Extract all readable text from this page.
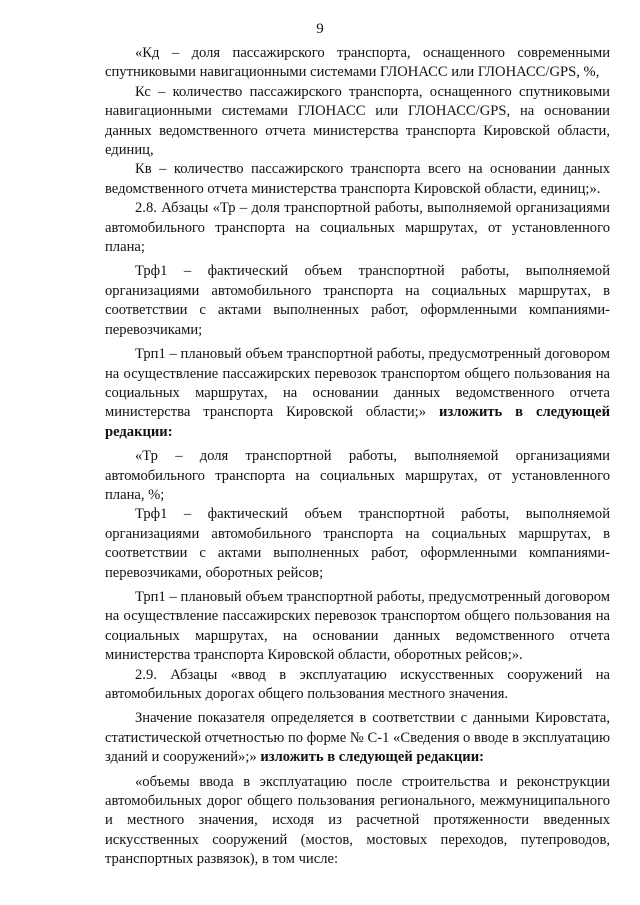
9

«Кд – доля пассажирского транспорта, оснащенного современными спутниковыми навигационными системами ГЛОНАСС или ГЛОНАСС/GPS, %,

Кс – количество пассажирского транспорта, оснащенного спутниковыми навигационными системами ГЛОНАСС или ГЛОНАСС/GPS, на основании данных ведомственного отчета министерства транспорта Кировской области, единиц,

Кв – количество пассажирского транспорта всего на основании данных ведомственного отчета министерства транспорта Кировской области, единиц;».

2.8. Абзацы «Тр – доля транспортной работы, выполняемой организациями автомобильного транспорта на социальных маршрутах, от установленного плана;

Трф1 – фактический объем транспортной работы, выполняемой организациями автомобильного транспорта на социальных маршрутах, в соответствии с актами выполненных работ, оформленными компаниями-перевозчиками;

Трп1 – плановый объем транспортной работы, предусмотренный договором на осуществление пассажирских перевозок транспортом общего пользования на социальных маршрутах, на основании данных ведомственного отчета министерства транспорта Кировской области;» изложить в следующей редакции:

«Тр – доля транспортной работы, выполняемой организациями автомобильного транспорта на социальных маршрутах, от установленного плана, %;

Трф1 – фактический объем транспортной работы, выполняемой организациями автомобильного транспорта на социальных маршрутах, в соответствии с актами выполненных работ, оформленными компаниями-перевозчиками, оборотных рейсов;

Трп1 – плановый объем транспортной работы, предусмотренный договором на осуществление пассажирских перевозок транспортом общего пользования на социальных маршрутах, на основании данных ведомственного отчета министерства транспорта Кировской области, оборотных рейсов;».

2.9. Абзацы «ввод в эксплуатацию искусственных сооружений на автомобильных дорогах общего пользования местного значения.

Значение показателя определяется в соответствии с данными Кировстата, статистической отчетностью по форме № С-1 «Сведения о вводе в эксплуатацию зданий и сооружений»;» изложить в следующей редакции:

«объемы ввода в эксплуатацию после строительства и реконструкции автомобильных дорог общего пользования регионального, межмуниципального и местного значения, исходя из расчетной протяженности введенных искусственных сооружений (мостов, мостовых переходов, путепроводов, транспортных развязок), в том числе:
